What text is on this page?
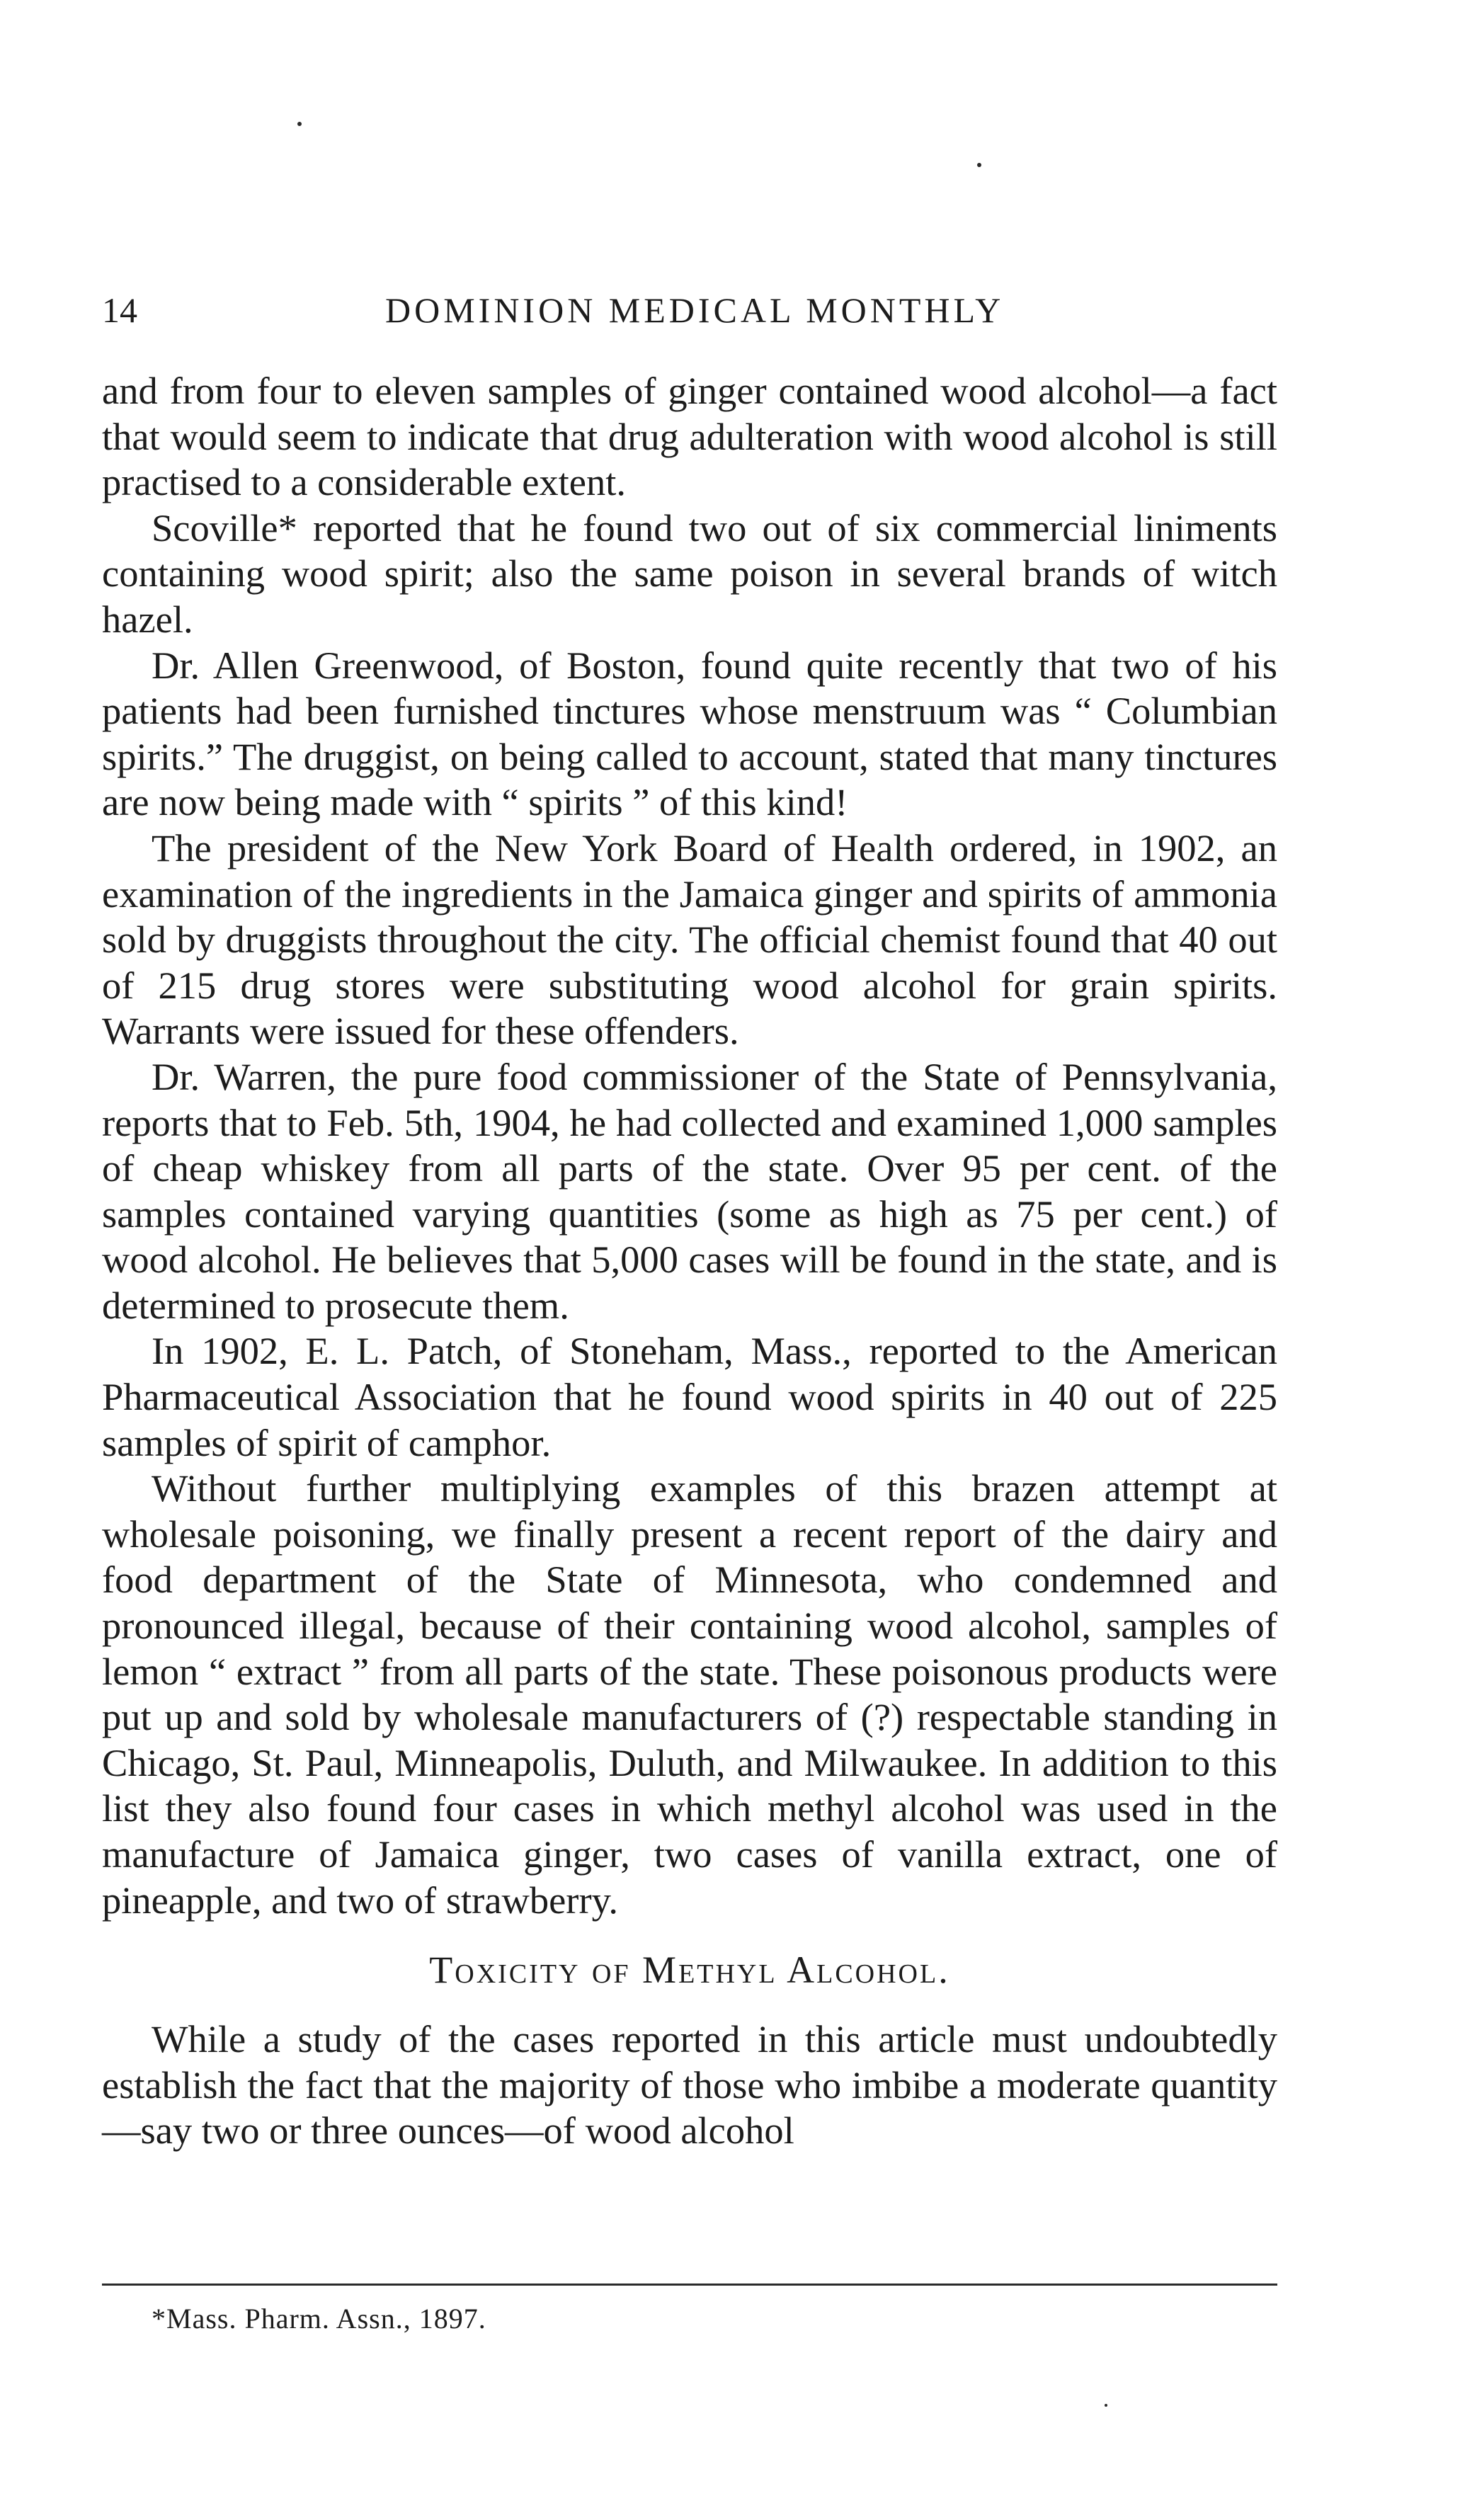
14	DOMINION MEDICAL MONTHLY

and from four to eleven samples of ginger contained wood alcohol—a fact that would seem to indicate that drug adulteration with wood alcohol is still practised to a considerable extent.

Scoville* reported that he found two out of six commercial liniments containing wood spirit; also the same poison in several brands of witch hazel.

Dr. Allen Greenwood, of Boston, found quite recently that two of his patients had been furnished tinctures whose menstruum was “ Columbian spirits.” The druggist, on being called to account, stated that many tinctures are now being made with “ spirits ” of this kind!

The president of the New York Board of Health ordered, in 1902, an examination of the ingredients in the Jamaica ginger and spirits of ammonia sold by druggists throughout the city. The official chemist found that 40 out of 215 drug stores were substituting wood alcohol for grain spirits. Warrants were issued for these offenders.

Dr. Warren, the pure food commissioner of the State of Pennsylvania, reports that to Feb. 5th, 1904, he had collected and examined 1,000 samples of cheap whiskey from all parts of the state. Over 95 per cent. of the samples contained varying quantities (some as high as 75 per cent.) of wood alcohol. He believes that 5,000 cases will be found in the state, and is determined to prosecute them.

In 1902, E. L. Patch, of Stoneham, Mass., reported to the American Pharmaceutical Association that he found wood spirits in 40 out of 225 samples of spirit of camphor.

Without further multiplying examples of this brazen attempt at wholesale poisoning, we finally present a recent report of the dairy and food department of the State of Minnesota, who condemned and pronounced illegal, because of their containing wood alcohol, samples of lemon “ extract ” from all parts of the state. These poisonous products were put up and sold by wholesale manufacturers of (?) respectable standing in Chicago, St. Paul, Minneapolis, Duluth, and Milwaukee. In addition to this list they also found four cases in which methyl alcohol was used in the manufacture of Jamaica ginger, two cases of vanilla extract, one of pineapple, and two of strawberry.

Toxicity of Methyl Alcohol.

While a study of the cases reported in this article must undoubtedly establish the fact that the majority of those who imbibe a moderate quantity—say two or three ounces—of wood alcohol

*Mass. Pharm. Assn., 1897.
